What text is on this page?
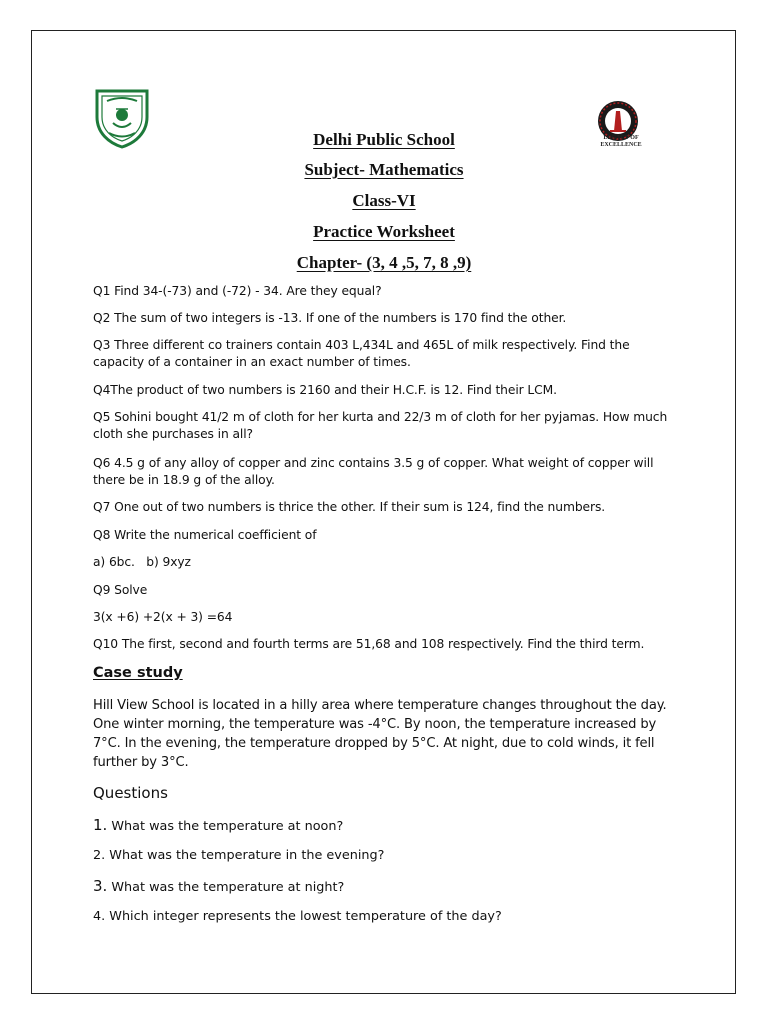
LEGACY OF EXCELLENCE
Delhi Public School
Subject- Mathematics
Class-VI
Practice Worksheet
Chapter- (3, 4 ,5, 7, 8 ,9)
Q1 Find 34-(-73) and (-72) - 34. Are they equal?
Q2 The sum of two integers is -13. If one of the numbers is 170 find the other.
Q3 Three different co trainers contain 403 L,434L and 465L of milk respectively. Find the capacity of a container in an exact number of times.
Q4The product of two numbers is 2160 and their H.C.F. is 12. Find their LCM.
Q5 Sohini bought 41/2 m of cloth for her kurta and 22/3 m of cloth for her pyjamas. How much cloth she purchases in all?
Q6 4.5 g of any alloy of copper and zinc contains 3.5 g of copper. What weight of copper will there be in 18.9 g of the alloy.
Q7 One out of two numbers is thrice the other. If their sum is 124, find the numbers.
Q8 Write the numerical coefficient of
a) 6bc.   b) 9xyz
Q9 Solve
3(x +6) +2(x + 3) =64
Q10 The first, second and fourth terms are 51,68 and 108 respectively. Find the third term.
Case study
Hill View School is located in a hilly area where temperature changes throughout the day. One winter morning, the temperature was -4°C. By noon, the temperature increased by 7°C. In the evening, the temperature dropped by 5°C. At night, due to cold winds, it fell further by 3°C.
Questions
1. What was the temperature at noon?
2. What was the temperature in the evening?
3. What was the temperature at night?
4. Which integer represents the lowest temperature of the day?
